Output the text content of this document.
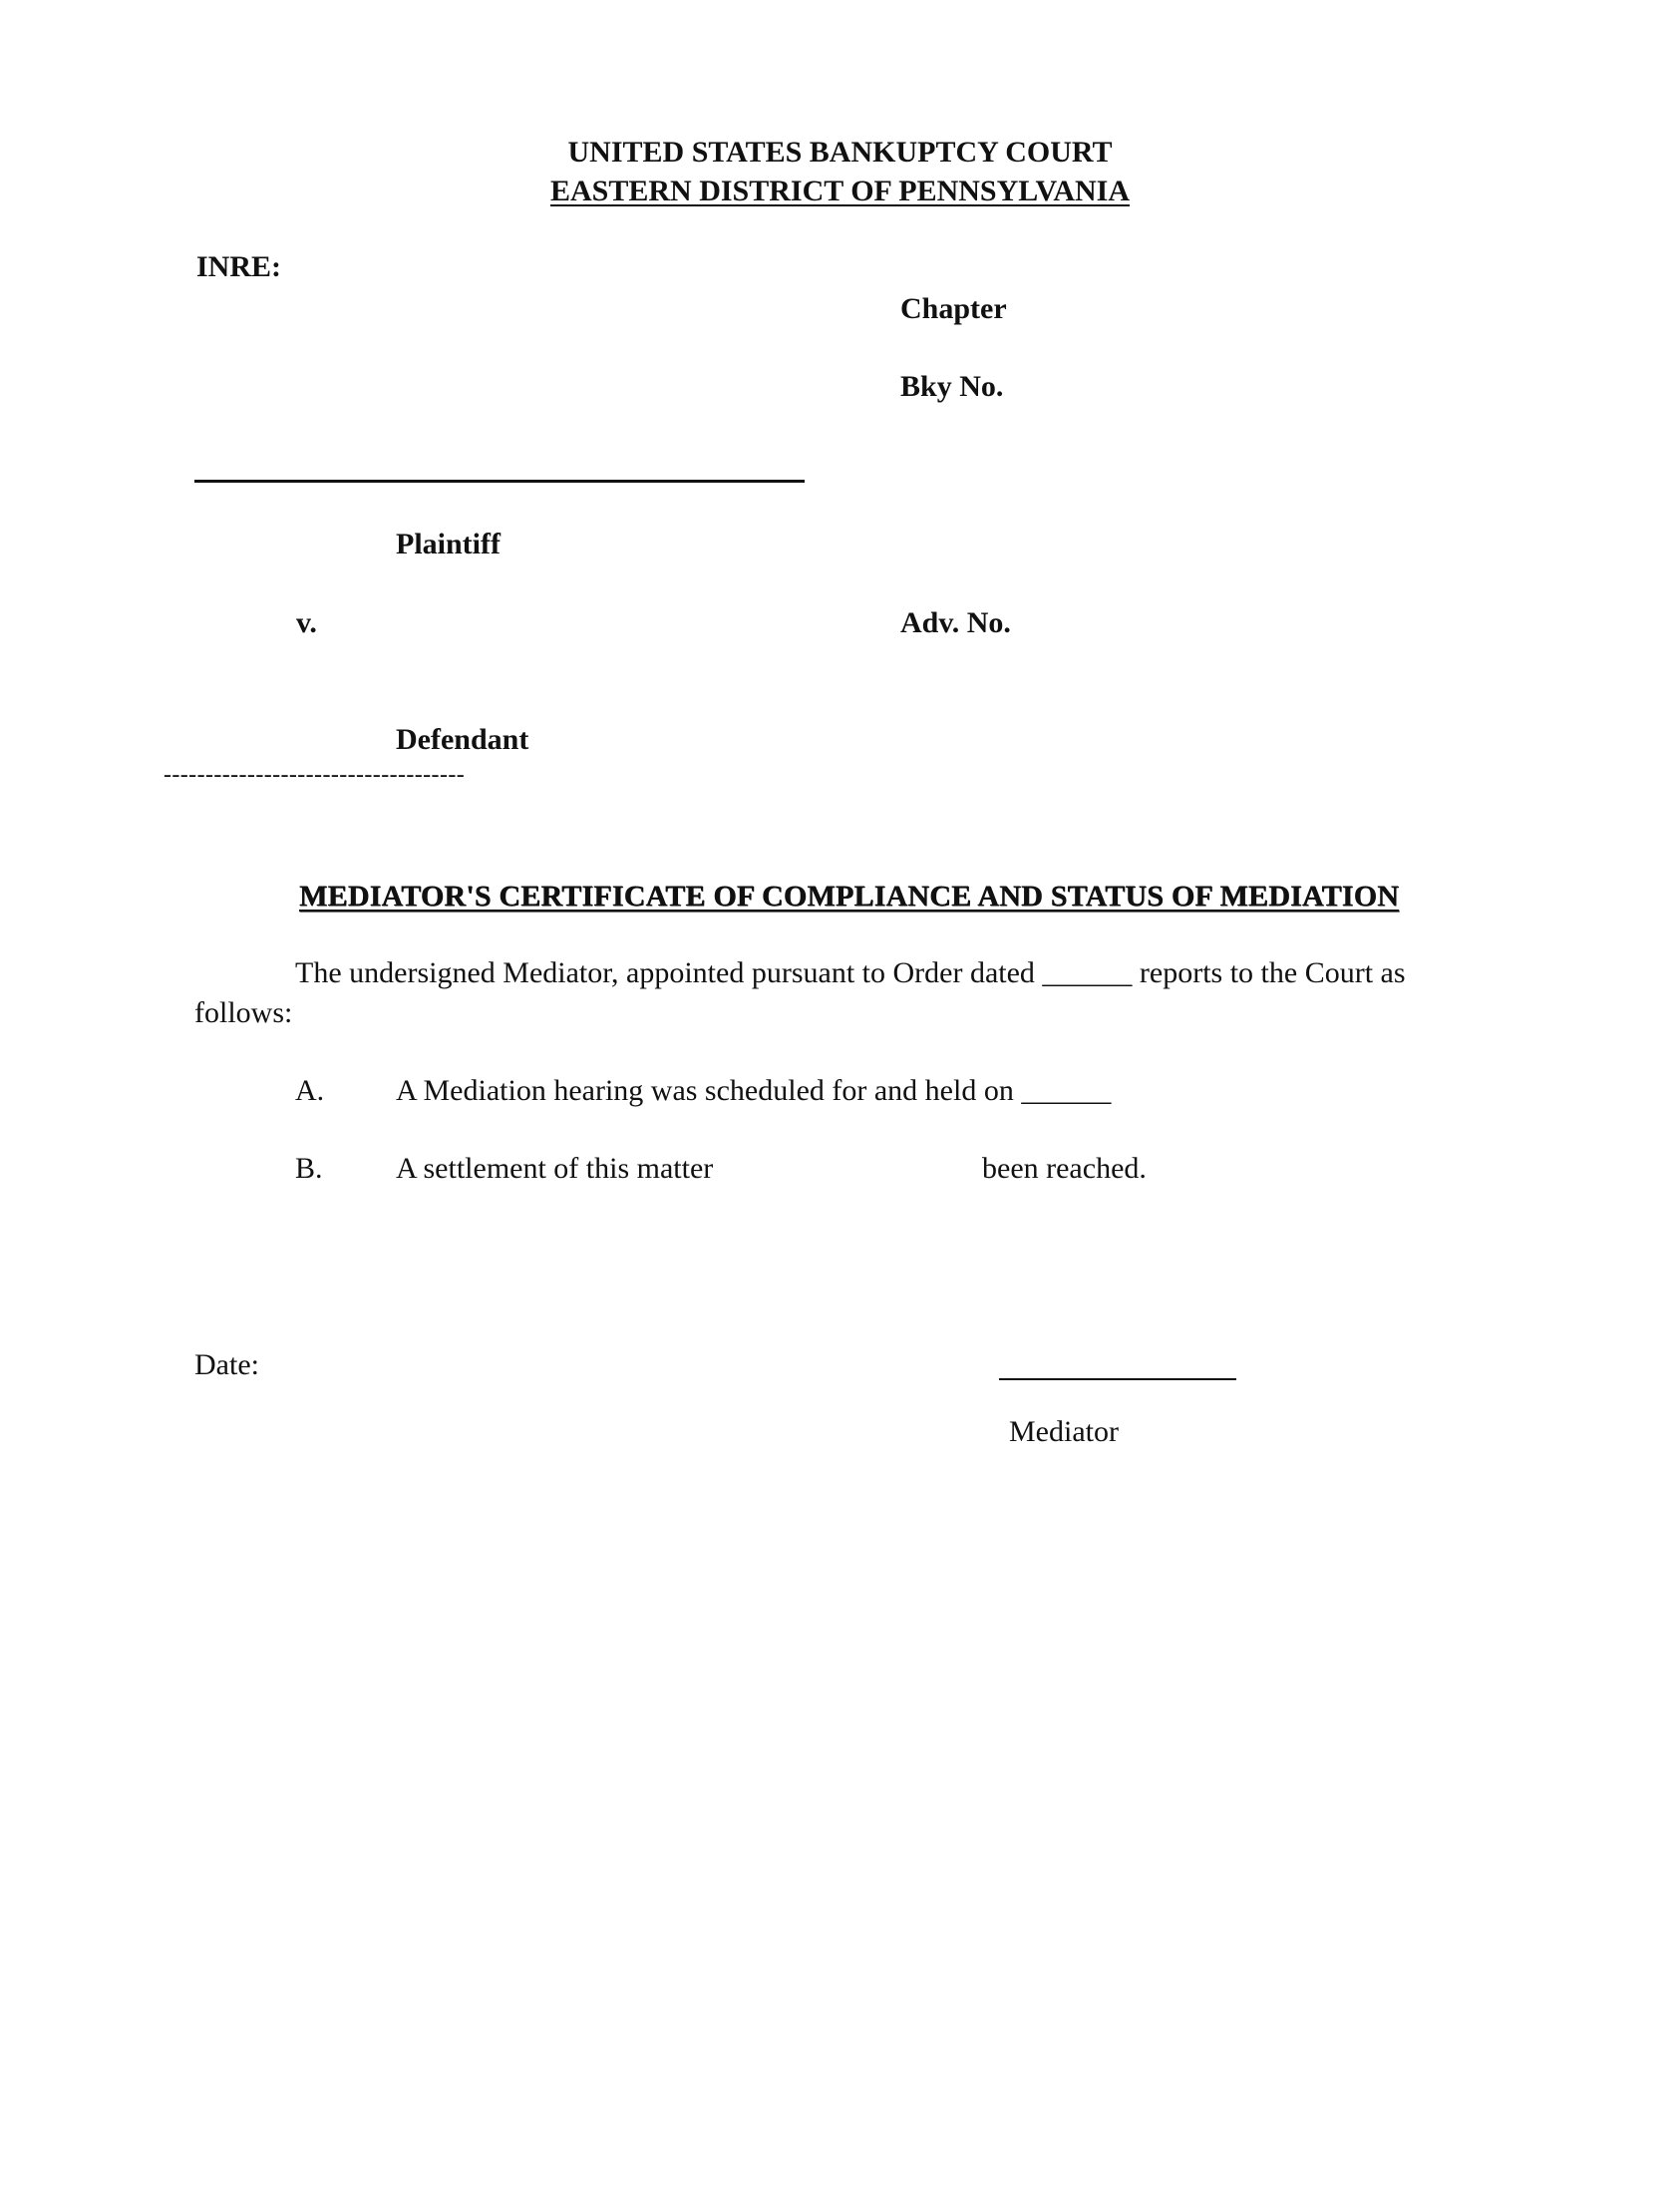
UNITED STATES BANKUPTCY COURT
EASTERN DISTRICT OF PENNSYLVANIA
INRE:
Chapter
Bky No.
Plaintiff
v.	Adv. No.
Defendant
------------------------------------
MEDIATOR'S CERTIFICATE OF COMPLIANCE AND STATUS OF MEDIATION
The undersigned Mediator, appointed pursuant to Order dated ______ reports to the Court as
follows:
A. A Mediation hearing was scheduled for and held on ______
B. A settlement of this matter	been reached.
Date:
Mediator
